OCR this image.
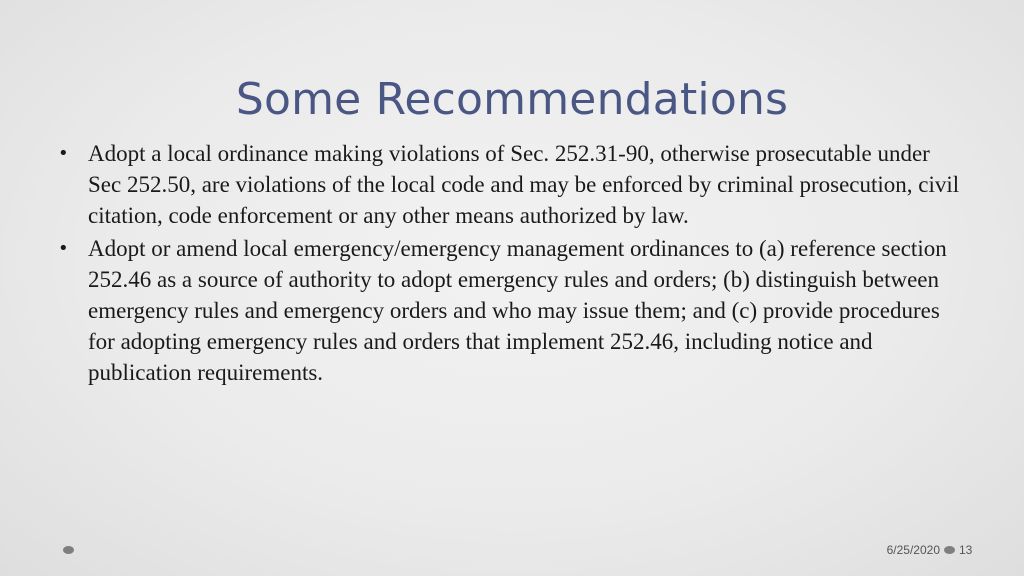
Some Recommendations
• Adopt a local ordinance making violations of Sec. 252.31-90, otherwise prosecutable under Sec 252.50, are violations of the local code and may be enforced by criminal prosecution, civil citation, code enforcement or any other means authorized by law.
• Adopt or amend local emergency/emergency management ordinances to (a) reference section 252.46 as a source of authority to adopt emergency rules and orders; (b) distinguish between emergency rules and emergency orders and who may issue them; and (c) provide procedures for adopting emergency rules and orders that implement 252.46, including notice and publication requirements.
6/25/2020 13
